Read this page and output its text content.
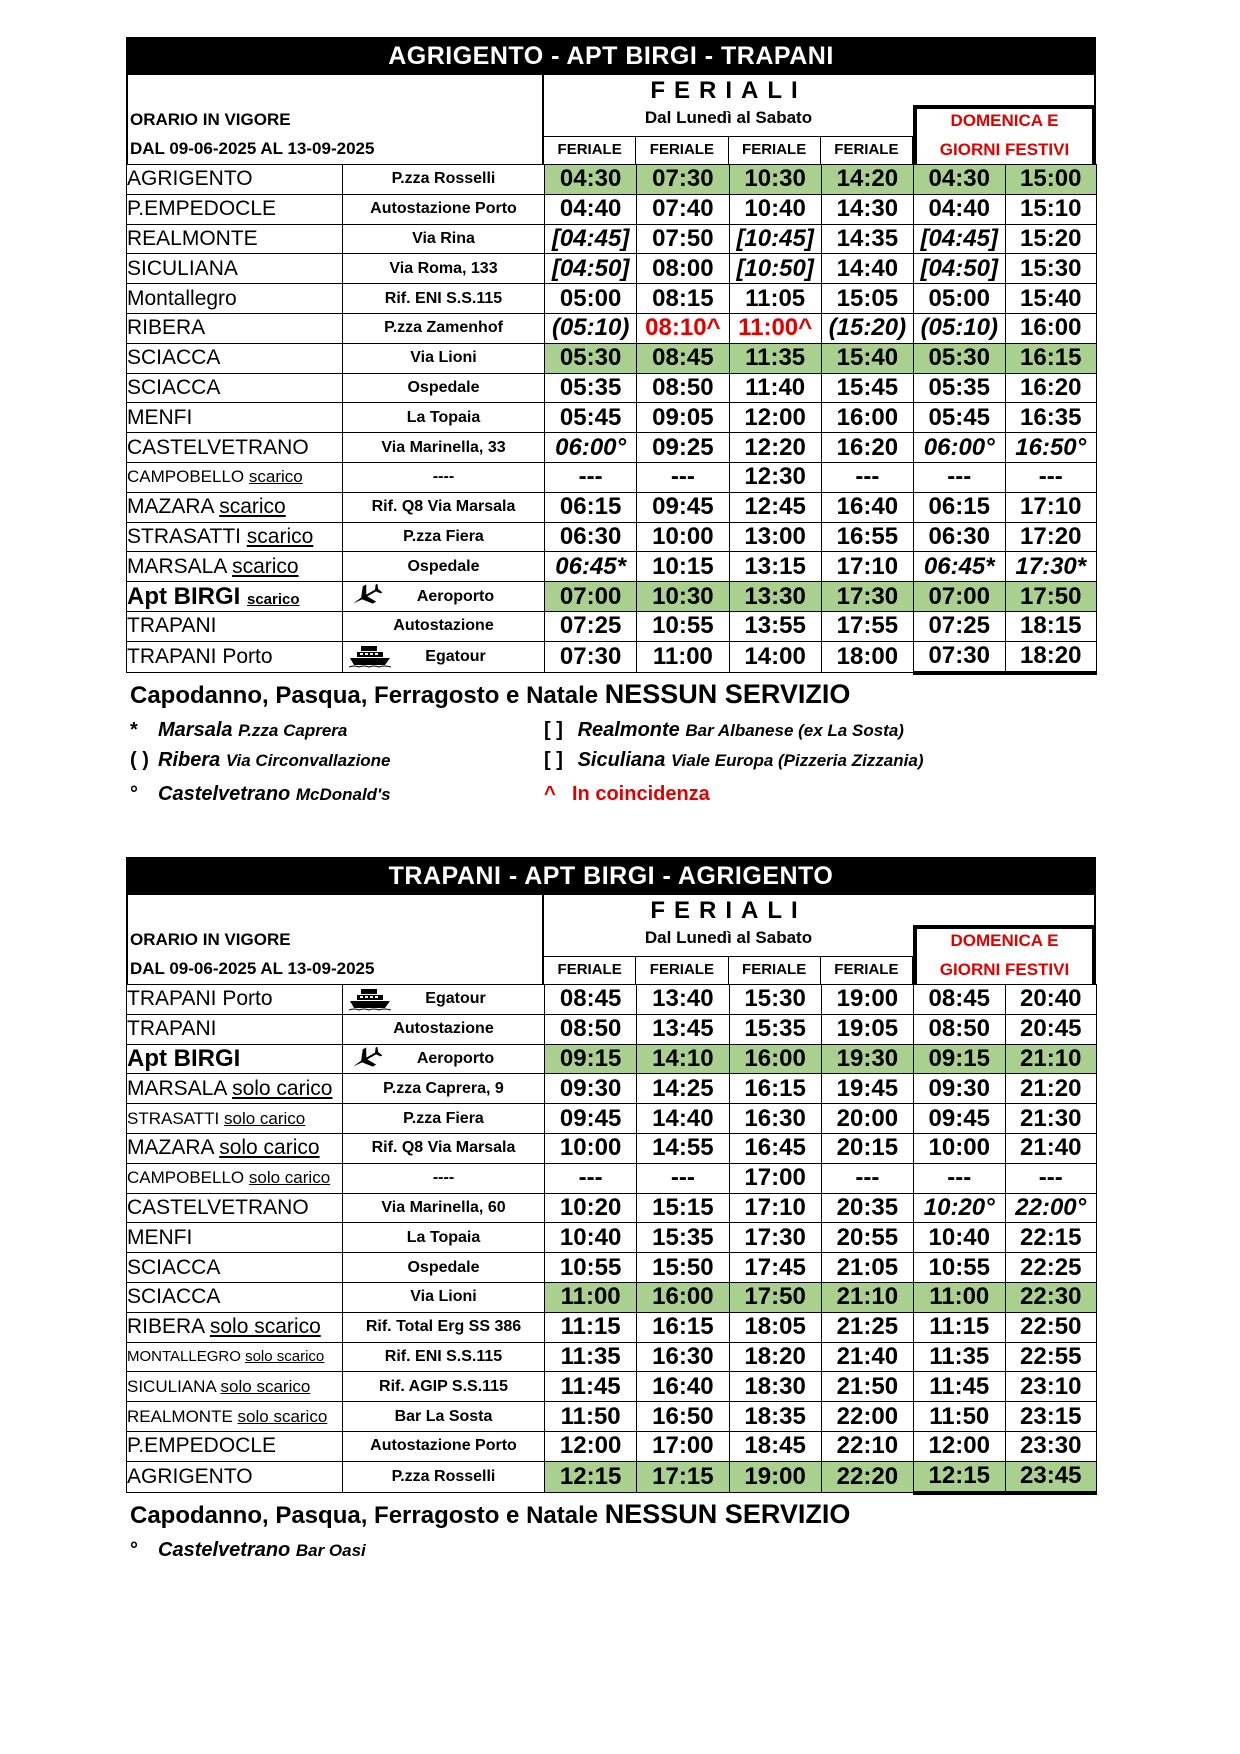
AGRIGENTO - APT BIRGI - TRAPANI
ORARIO IN VIGORE
DAL 09-06-2025 AL 13-09-2025
FERIALI
Dal Lunedì al Sabato
FERIALE	FERIALE	FERIALE	FERIALE
DOMENICA E
GIORNI FESTIVI
AGRIGENTO	P.zza Rosselli	04:30	07:30	10:30	14:20	04:30	15:00
P.EMPEDOCLE	Autostazione Porto	04:40	07:40	10:40	14:30	04:40	15:10
REALMONTE	Via Rina	[04:45]	07:50	[10:45]	14:35	[04:45]	15:20
SICULIANA	Via Roma, 133	[04:50]	08:00	[10:50]	14:40	[04:50]	15:30
Montallegro	Rif. ENI S.S.115	05:00	08:15	11:05	15:05	05:00	15:40
RIBERA	P.zza Zamenhof	(05:10)	08:10^	11:00^	(15:20)	(05:10)	16:00
SCIACCA	Via Lioni	05:30	08:45	11:35	15:40	05:30	16:15
SCIACCA	Ospedale	05:35	08:50	11:40	15:45	05:35	16:20
MENFI	La Topaia	05:45	09:05	12:00	16:00	05:45	16:35
CASTELVETRANO	Via Marinella, 33	06:00°	09:25	12:20	16:20	06:00°	16:50°
CAMPOBELLO scarico	----	---	---	12:30	---	---	---
MAZARA scarico	Rif. Q8 Via Marsala	06:15	09:45	12:45	16:40	06:15	17:10
STRASATTI scarico	P.zza Fiera	06:30	10:00	13:00	16:55	06:30	17:20
MARSALA scarico	Ospedale	06:45*	10:15	13:15	17:10	06:45*	17:30*
Apt BIRGI scarico	Aeroporto	07:00	10:30	13:30	17:30	07:00	17:50
TRAPANI	Autostazione	07:25	10:55	13:55	17:55	07:25	18:15
TRAPANI Porto	Egatour	07:30	11:00	14:00	18:00	07:30	18:20
Capodanno, Pasqua, Ferragosto e Natale NESSUN SERVIZIO
* Marsala P.zza Caprera	[ ] Realmonte Bar Albanese (ex La Sosta)
( ) Ribera Via Circonvallazione	[ ] Siculiana Viale Europa (Pizzeria Zizzania)
° Castelvetrano McDonald's	^ In coincidenza
TRAPANI - APT BIRGI - AGRIGENTO
ORARIO IN VIGORE
DAL 09-06-2025 AL 13-09-2025
FERIALI
Dal Lunedì al Sabato
FERIALE	FERIALE	FERIALE	FERIALE
DOMENICA E
GIORNI FESTIVI
TRAPANI Porto	Egatour	08:45	13:40	15:30	19:00	08:45	20:40
TRAPANI	Autostazione	08:50	13:45	15:35	19:05	08:50	20:45
Apt BIRGI	Aeroporto	09:15	14:10	16:00	19:30	09:15	21:10
MARSALA solo carico	P.zza Caprera, 9	09:30	14:25	16:15	19:45	09:30	21:20
STRASATTI solo carico	P.zza Fiera	09:45	14:40	16:30	20:00	09:45	21:30
MAZARA solo carico	Rif. Q8 Via Marsala	10:00	14:55	16:45	20:15	10:00	21:40
CAMPOBELLO solo carico	----	---	---	17:00	---	---	---
CASTELVETRANO	Via Marinella, 60	10:20	15:15	17:10	20:35	10:20°	22:00°
MENFI	La Topaia	10:40	15:35	17:30	20:55	10:40	22:15
SCIACCA	Ospedale	10:55	15:50	17:45	21:05	10:55	22:25
SCIACCA	Via Lioni	11:00	16:00	17:50	21:10	11:00	22:30
RIBERA solo scarico	Rif. Total Erg SS 386	11:15	16:15	18:05	21:25	11:15	22:50
MONTALLEGRO solo scarico	Rif. ENI S.S.115	11:35	16:30	18:20	21:40	11:35	22:55
SICULIANA solo scarico	Rif. AGIP S.S.115	11:45	16:40	18:30	21:50	11:45	23:10
REALMONTE solo scarico	Bar La Sosta	11:50	16:50	18:35	22:00	11:50	23:15
P.EMPEDOCLE	Autostazione Porto	12:00	17:00	18:45	22:10	12:00	23:30
AGRIGENTO	P.zza Rosselli	12:15	17:15	19:00	22:20	12:15	23:45
Capodanno, Pasqua, Ferragosto e Natale NESSUN SERVIZIO
° Castelvetrano Bar Oasi
